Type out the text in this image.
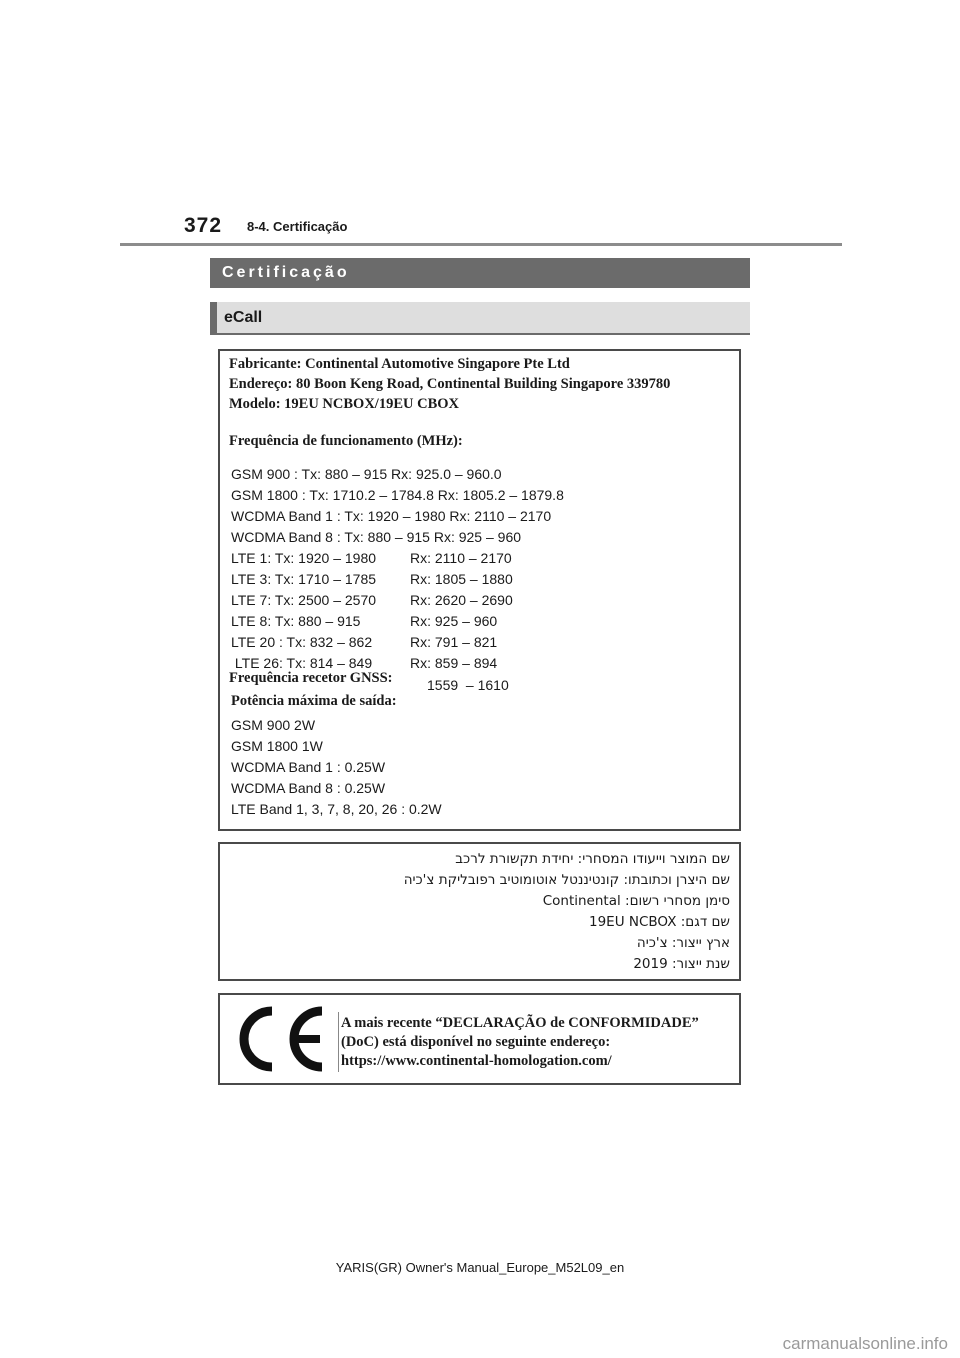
372 8-4. Certificação
Certificação
eCall
Fabricante: Continental Automotive Singapore Pte Ltd
Endereço: 80 Boon Keng Road, Continental Building Singapore 339780
Modelo: 19EU NCBOX/19EU CBOX
Frequência de funcionamento (MHz):
GSM 900 : Tx: 880 – 915 Rx: 925.0 – 960.0
GSM 1800 : Tx: 1710.2 – 1784.8 Rx: 1805.2 – 1879.8
WCDMA Band 1 : Tx: 1920 – 1980 Rx: 2110 – 2170
WCDMA Band 8 : Tx: 880 – 915 Rx: 925 – 960
LTE 1: Tx: 1920 – 1980 Rx: 2110 – 2170
LTE 3: Tx: 1710 – 1785 Rx: 1805 – 1880
LTE 7: Tx: 2500 – 2570 Rx: 2620 – 2690
LTE 8: Tx: 880 – 915	Rx: 925 – 960
LTE 20 : Tx: 832 – 862	Rx: 791 – 821
LTE 26: Tx: 814 – 849	Rx: 859 – 894
Frequência recetor GNSS: 1559  – 1610
Potência máxima de saída:
GSM 900 2W
GSM 1800 1W
WCDMA Band 1 : 0.25W
WCDMA Band 8 : 0.25W
LTE Band 1, 3, 7, 8, 20, 26 : 0.2W
שם המוצר וייעודו המסחרי: יחידת תקשורת לרכב
שם היצרן וכתובתו: קונטיננטל אוטומוטיב רפובליקת צ'כיה
סימן מסחרי רשום: Continental
שם דגם: 19EU NCBOX
ארץ ייצור: צ'כיה
שנת ייצור: 2019
A mais recente “DECLARAÇÃO de CONFORMIDADE”
(DoC) está disponível no seguinte endereço:
https://www.continental-homologation.com/
YARIS(GR) Owner's Manual_Europe_M52L09_en
carmanualsonline.info
